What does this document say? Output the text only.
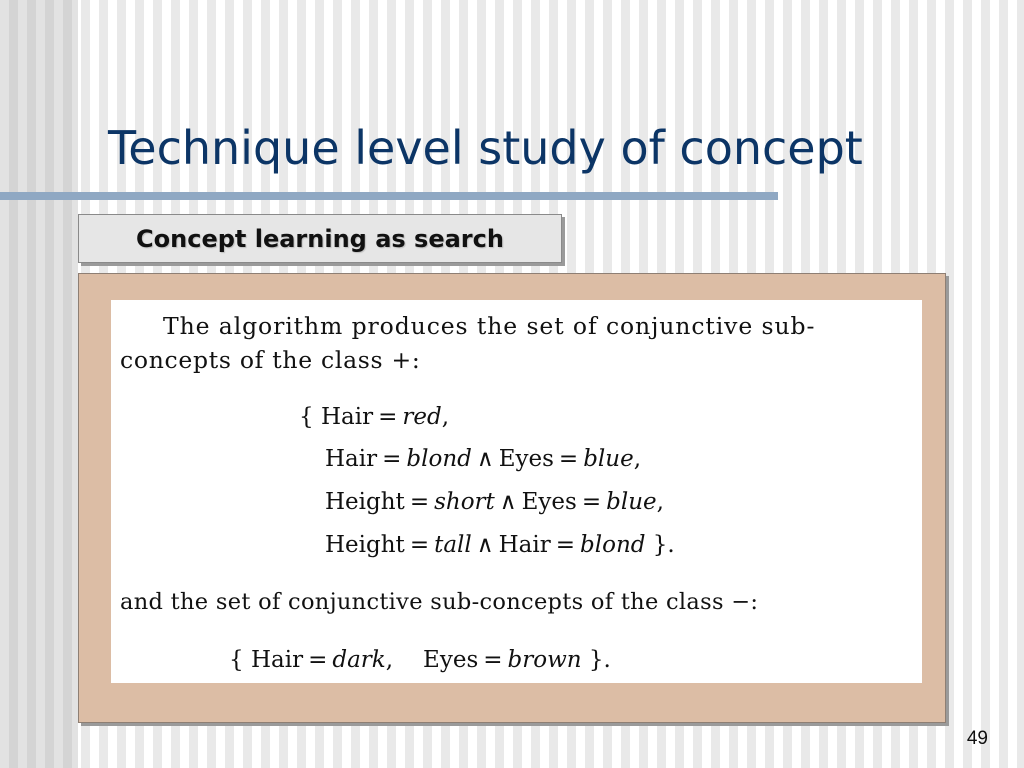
Technique level study of concept
Concept learning as search
The algorithm produces the set of conjunctive sub-
concepts of the class +:
{ Hair = red,
Hair = blond ∧ Eyes = blue,
Height = short ∧ Eyes = blue,
Height = tall ∧ Hair = blond }.
and the set of conjunctive sub-concepts of the class −:
{ Hair = dark, Eyes = brown }.
49
